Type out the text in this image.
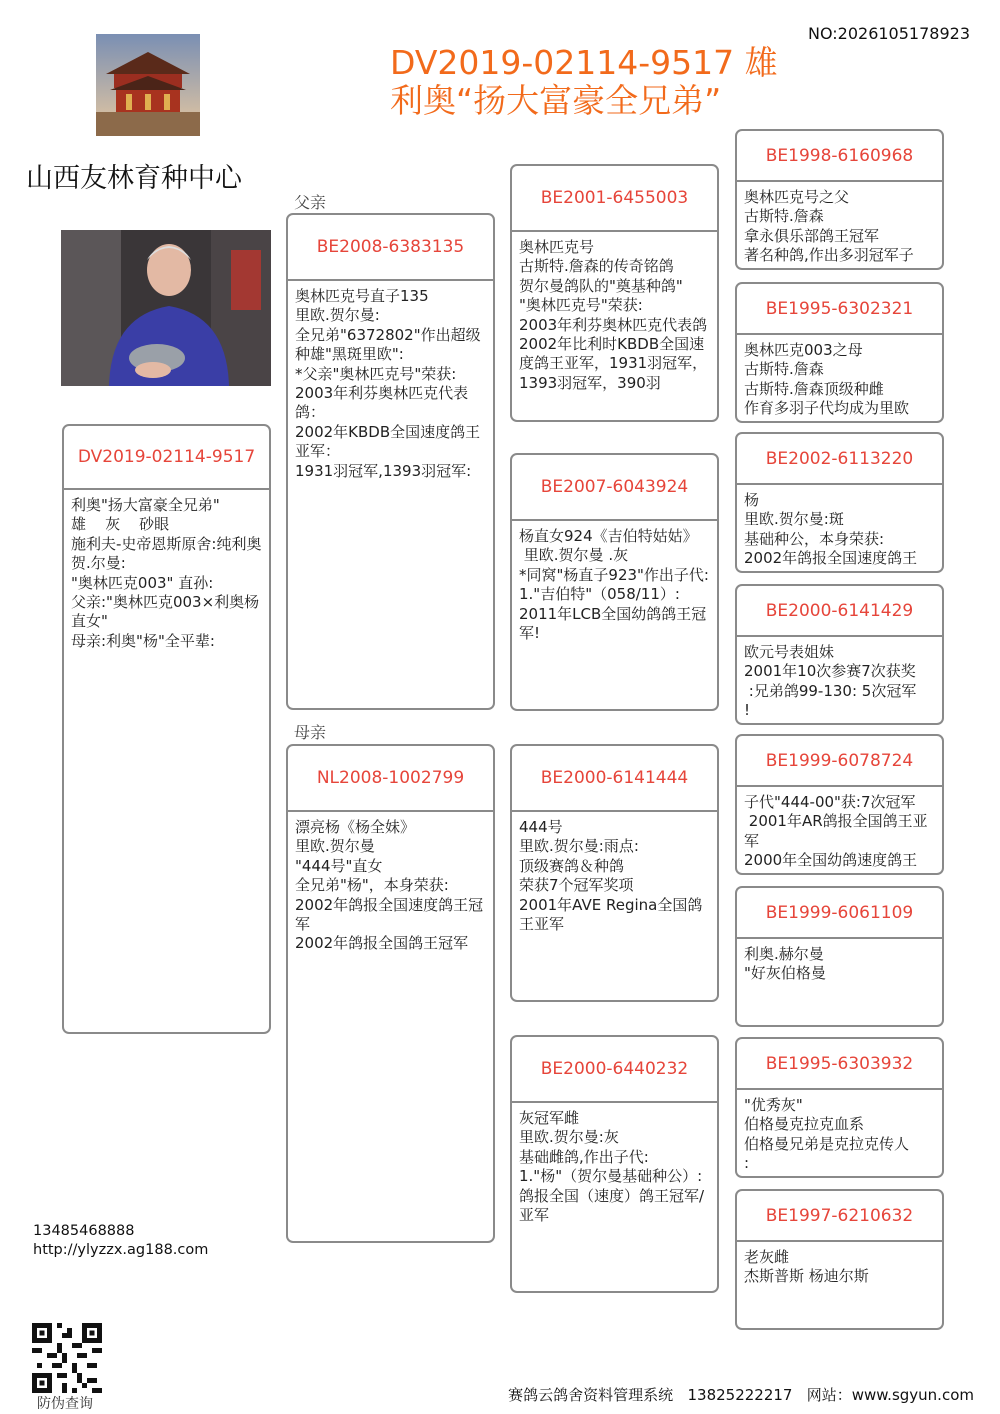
NO:2026105178923
DV2019-02114-9517 雄
利奥“扬大富豪全兄弟”
山西友林育种中心
DV2019-02114-9517
利奥"扬大富豪全兄弟"
雄    灰    砂眼
施利夫-史帝恩斯原舍:纯利奥贺.尔曼:
"奥林匹克003" 直孙:
父亲:"奥林匹克003×利奥杨直女"
母亲:利奥"杨"全平辈:
父亲
母亲
BE2008-6383135
奥林匹克号直子135
里欧.贺尔曼:
全兄弟"6372802"作出超级种雄"黑斑里欧":
*父亲"奥林匹克号"荣获:
2003年利芬奥林匹克代表鸽：
2002年KBDB全国速度鸽王亚军：
1931羽冠军,1393羽冠军:
NL2008-1002799
漂亮杨《杨全妹》
里欧.贺尔曼
"444号"直女
全兄弟"杨"，本身荣获:
2002年鸽报全国速度鸽王冠军
2002年鸽报全国鸽王冠军
BE2001-6455003
奥林匹克号
古斯特.詹森的传奇铭鸽
贺尔曼鸽队的"奠基种鸽"
"奥林匹克号"荣获:
2003年利芬奥林匹克代表鸽
2002年比利时KBDB全国速度鸽王亚军，1931羽冠军，1393羽冠军，390羽
BE2007-6043924
杨直女924《吉伯特姑姑》
里欧.贺尔曼 .灰
*同窝"杨直子923"作出子代:
1."吉伯特"（058/11）:
2011年LCB全国幼鸽鸽王冠军!
BE2000-6141444
444号
里欧.贺尔曼:雨点:
顶级赛鸽＆种鸽
荣获7个冠军奖项
2001年AVE Regina全国鸽王亚军
BE2000-6440232
灰冠军雌
里欧.贺尔曼:灰
基础雌鸽,作出子代:
1."杨"（贺尔曼基础种公）:
鸽报全国（速度）鸽王冠军/亚军
BE1998-6160968
奥林匹克号之父
古斯特.詹森
拿永俱乐部鸽王冠军
著名种鸽,作出多羽冠军子
BE1995-6302321
奥林匹克003之母
古斯特.詹森
古斯特.詹森顶级种雌
作育多羽子代均成为里欧
BE2002-6113220
杨
里欧.贺尔曼:斑
基础种公，本身荣获:
2002年鸽报全国速度鸽王
BE2000-6141429
欧元号表姐妹
2001年10次参赛7次获奖
:兄弟鸽99-130: 5次冠军
!
BE1999-6078724
子代"444-00"获:7次冠军
2001年AR鸽报全国鸽王亚军
2000年全国幼鸽速度鸽王
BE1999-6061109
利奥.赫尔曼
"好灰伯格曼
BE1995-6303932
"优秀灰"
伯格曼克拉克血系
伯格曼兄弟是克拉克传人
:
BE1997-6210632
老灰雌
杰斯普斯 杨迪尔斯
13485468888
http://ylyzzx.ag188.com
防伪查询	赛鸽云鸽舍资料管理系统   13825222217   网站：www.sgyun.com
